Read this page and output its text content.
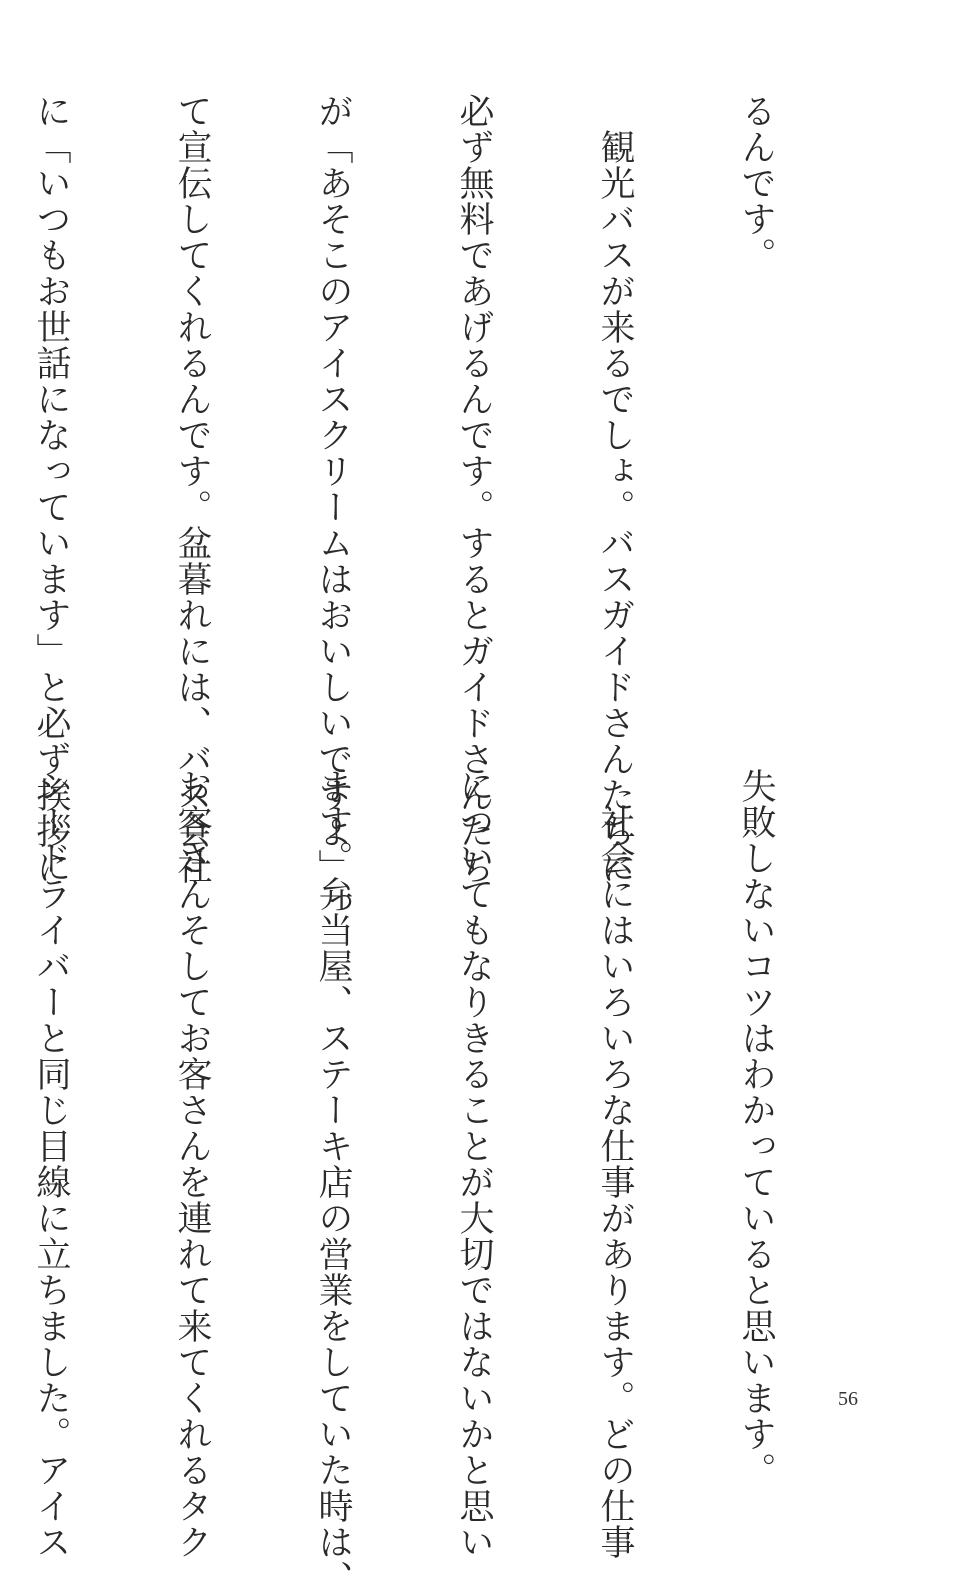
るんです。

　観光バスが来るでしょ。バスガイドさんたちに

必ず無料であげるんです。するとガイドさんたち

が「あそこのアイスクリームはおいしいですよ」っ

て宣伝してくれるんです。盆暮れには、バス会社

に「いつもお世話になっています」と必ず挨拶に

失敗しないコツはわかっていると思います。

　社会にはいろいろな仕事があります。どの仕事

についてもなりきることが大切ではないかと思い

ます。弁当屋、ステーキ店の営業をしていた時は、

お客さんそしてお客さんを連れて来てくれるタク

シードライバーと同じ目線に立ちました。アイス

	56
